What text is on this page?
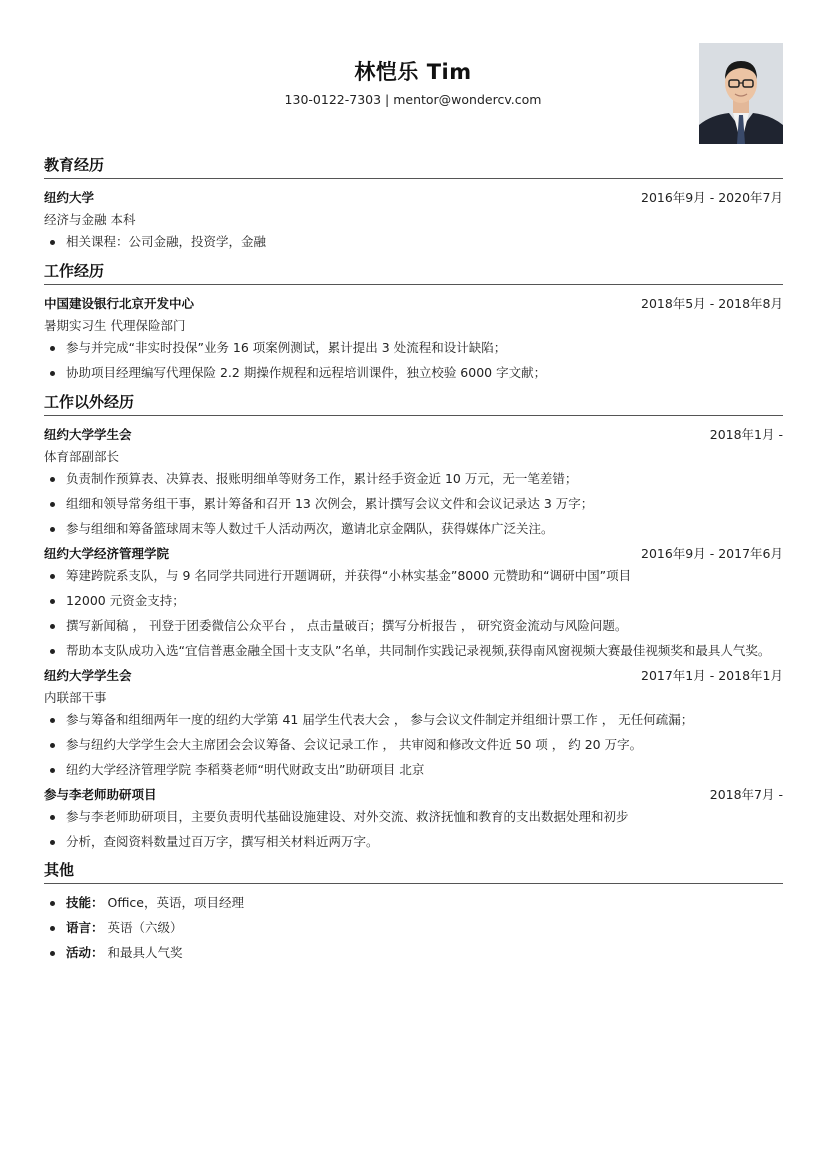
林恺乐 Tim
130-0122-7303 | mentor@wondercv.com
教育经历
纽约大学	2016年9月 - 2020年7月
经济与金融 本科
相关课程：公司金融，投资学，金融
工作经历
中国建设银行北京开发中心	2018年5月 - 2018年8月
暑期实习生 代理保险部门
参与并完成“非实时投保”业务 16 项案例测试，累计提出 3 处流程和设计缺陷；
协助项目经理编写代理保险 2.2 期操作规程和远程培训课件，独立校验 6000 字文献；
工作以外经历
纽约大学学生会	2018年1月 -
体育部副部长
负责制作预算表、决算表、报账明细单等财务工作，累计经手资金近 10 万元，无一笔差错；
组细和领导常务组干事，累计筹备和召开 13 次例会，累计撰写会议文件和会议记录达 3 万字；
参与组细和筹备篮球周末等人数过千人活动两次，邀请北京金隅队，获得媒体广泛关注。
纽约大学经济管理学院	2016年9月 - 2017年6月
筹建跨院系支队，与 9 名同学共同进行开题调研，并获得“小林实基金”8000 元赞助和“调研中国”项目
12000 元资金支持；
撰写新闻稿 ， 刊登于团委微信公众平台 ， 点击量破百；撰写分析报告 ， 研究资金流动与风险问题。
帮助本支队成功入选“宜信普惠金融全国十支支队”名单，共同制作实践记录视频,获得南风窗视频大赛最佳视频奖和最具人气奖。
纽约大学学生会	2017年1月 - 2018年1月
内联部干事
参与筹备和组细两年一度的纽约大学第 41 届学生代表大会 ， 参与会议文件制定并组细计票工作 ， 无任何疏漏；
参与纽约大学学生会大主席团会会议筹备、会议记录工作 ， 共审阅和修改文件近 50 项 ， 约 20 万字。
纽约大学经济管理学院 李稻葵老师“明代财政支出”助研项目 北京
参与李老师助研项目	2018年7月 -
参与李老师助研项目，主要负责明代基础设施建设、对外交流、救济抚恤和教育的支出数据处理和初步
分析，查阅资料数量过百万字，撰写相关材料近两万字。
其他
技能： Office，英语，项目经理
语言： 英语（六级）
活动： 和最具人气奖
